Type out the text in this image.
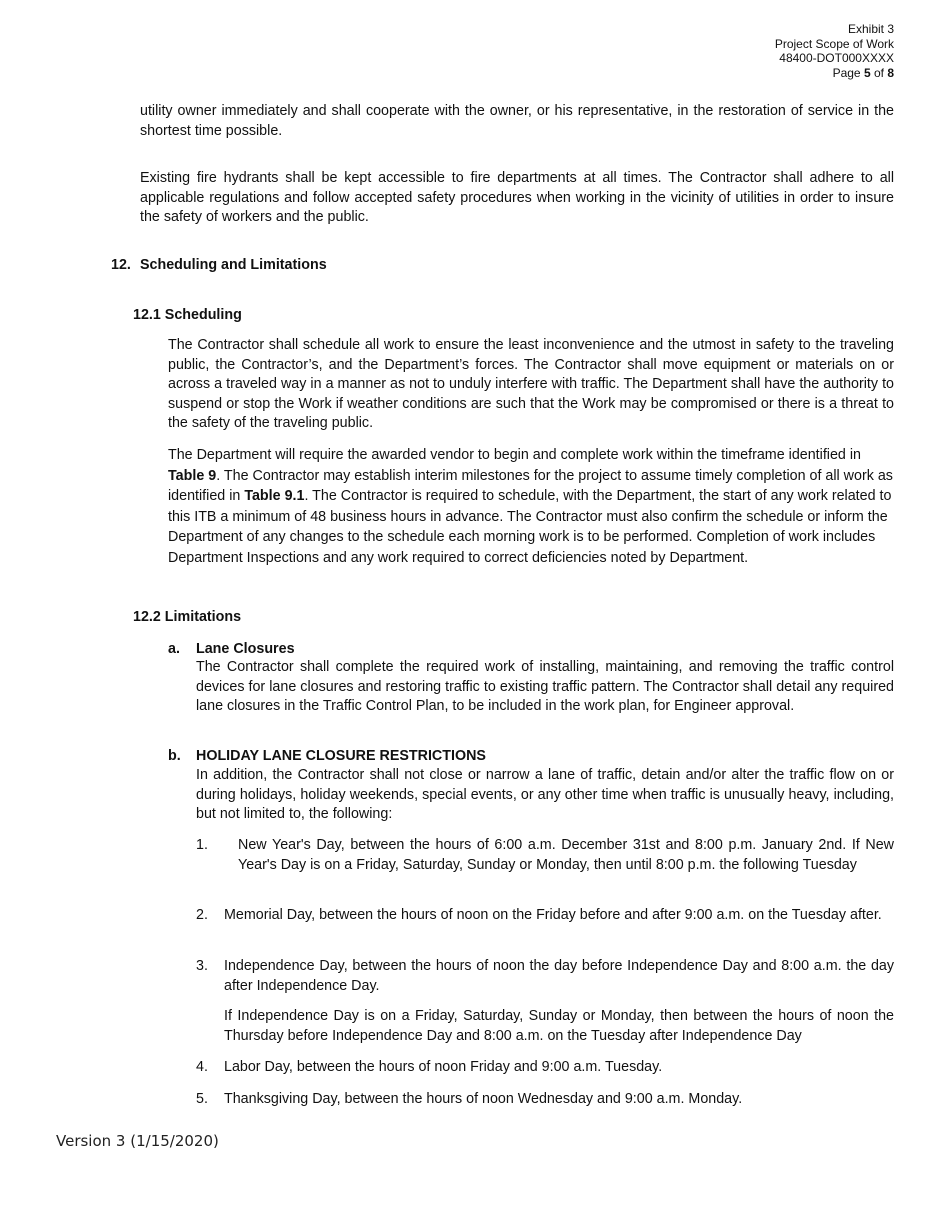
Exhibit 3
Project Scope of Work
48400-DOT000XXXX
Page 5 of 8
utility owner immediately and shall cooperate with the owner, or his representative, in the restoration of service in the shortest time possible.
Existing fire hydrants shall be kept accessible to fire departments at all times. The Contractor shall adhere to all applicable regulations and follow accepted safety procedures when working in the vicinity of utilities in order to insure the safety of workers and the public.
12. Scheduling and Limitations
12.1 Scheduling
The Contractor shall schedule all work to ensure the least inconvenience and the utmost in safety to the traveling public, the Contractor’s, and the Department’s forces. The Contractor shall move equipment or materials on or across a traveled way in a manner as not to unduly interfere with traffic. The Department shall have the authority to suspend or stop the Work if weather conditions are such that the Work may be compromised or there is a threat to the safety of the traveling public.
The Department will require the awarded vendor to begin and complete work within the timeframe identified in Table 9. The Contractor may establish interim milestones for the project to assume timely completion of all work as identified in Table 9.1. The Contractor is required to schedule, with the Department, the start of any work related to this ITB a minimum of 48 business hours in advance. The Contractor must also confirm the schedule or inform the Department of any changes to the schedule each morning work is to be performed. Completion of work includes Department Inspections and any work required to correct deficiencies noted by Department.
12.2 Limitations
a. Lane Closures
The Contractor shall complete the required work of installing, maintaining, and removing the traffic control devices for lane closures and restoring traffic to existing traffic pattern. The Contractor shall detail any required lane closures in the Traffic Control Plan, to be included in the work plan, for Engineer approval.
b. HOLIDAY LANE CLOSURE RESTRICTIONS
In addition, the Contractor shall not close or narrow a lane of traffic, detain and/or alter the traffic flow on or during holidays, holiday weekends, special events, or any other time when traffic is unusually heavy, including, but not limited to, the following:
1. New Year's Day, between the hours of 6:00 a.m. December 31st and 8:00 p.m. January 2nd. If New Year's Day is on a Friday, Saturday, Sunday or Monday, then until 8:00 p.m. the following Tuesday
2. Memorial Day, between the hours of noon on the Friday before and after 9:00 a.m. on the Tuesday after.
3. Independence Day, between the hours of noon the day before Independence Day and 8:00 a.m. the day after Independence Day.
If Independence Day is on a Friday, Saturday, Sunday or Monday, then between the hours of noon the Thursday before Independence Day and 8:00 a.m. on the Tuesday after Independence Day
4. Labor Day, between the hours of noon Friday and 9:00 a.m. Tuesday.
5. Thanksgiving Day, between the hours of noon Wednesday and 9:00 a.m. Monday.
Version 3 (1/15/2020)
